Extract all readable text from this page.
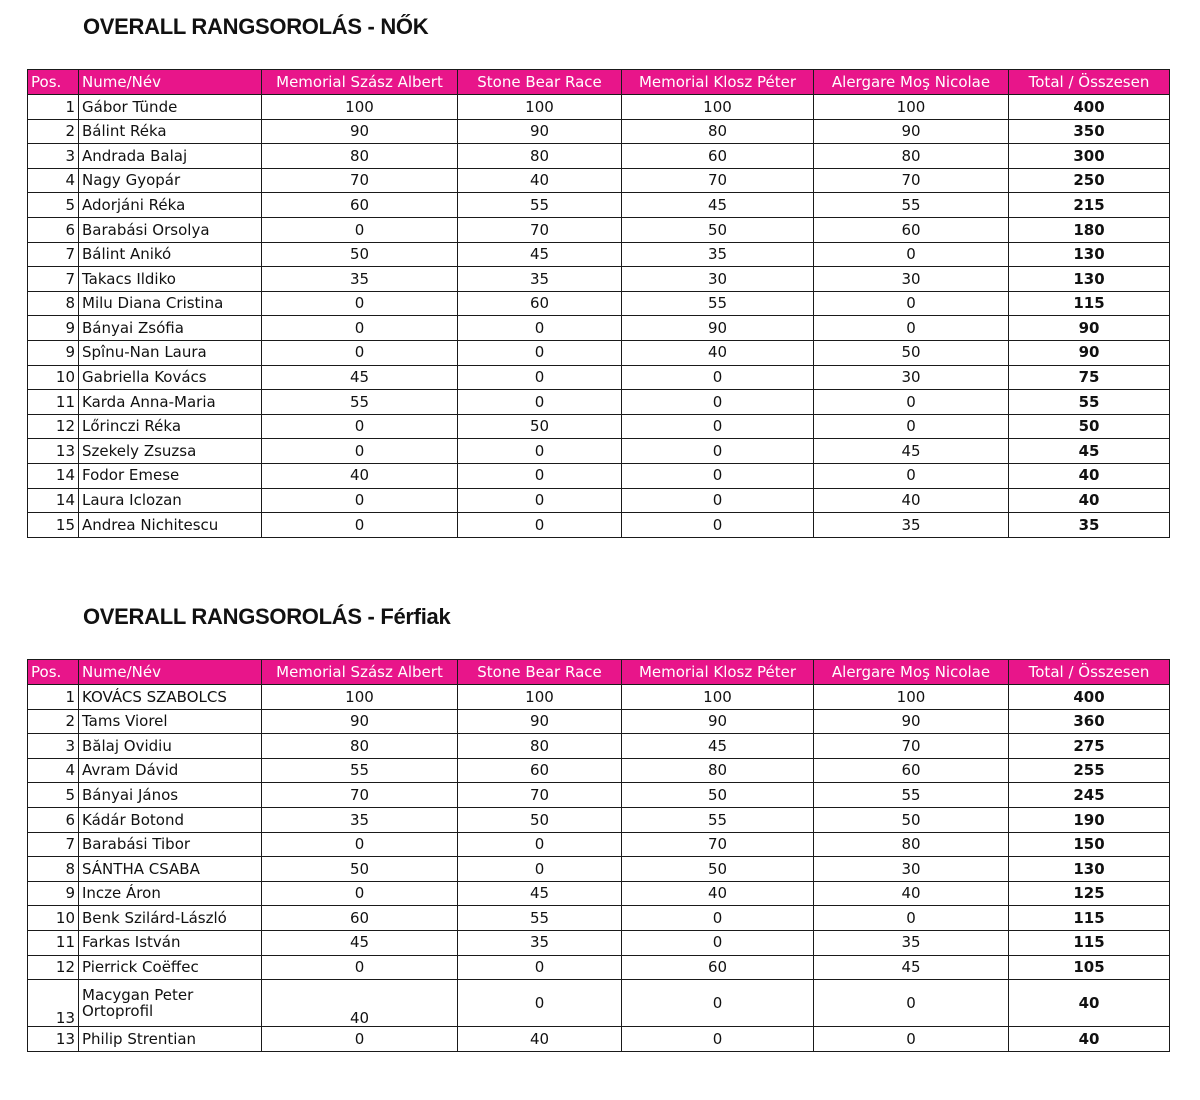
OVERALL RANGSOROLÁS - NŐK
Pos.	Nume/Név	Memorial Szász Albert	Stone Bear Race	Memorial Klosz Péter	Alergare Moş Nicolae	Total / Összesen
1	Gábor Tünde	100	100	100	100	400
2	Bálint Réka	90	90	80	90	350
3	Andrada Balaj	80	80	60	80	300
4	Nagy Gyopár	70	40	70	70	250
5	Adorjáni Réka	60	55	45	55	215
6	Barabási Orsolya	0	70	50	60	180
7	Bálint Anikó	50	45	35	0	130
7	Takacs Ildiko	35	35	30	30	130
8	Milu Diana Cristina	0	60	55	0	115
9	Bányai Zsófia	0	0	90	0	90
9	Spînu-Nan Laura	0	0	40	50	90
10	Gabriella Kovács	45	0	0	30	75
11	Karda Anna-Maria	55	0	0	0	55
12	Lőrinczi Réka	0	50	0	0	50
13	Szekely Zsuzsa	0	0	0	45	45
14	Fodor Emese	40	0	0	0	40
14	Laura Iclozan	0	0	0	40	40
15	Andrea Nichitescu	0	0	0	35	35
OVERALL RANGSOROLÁS - Férfiak
Pos.	Nume/Név	Memorial Szász Albert	Stone Bear Race	Memorial Klosz Péter	Alergare Moş Nicolae	Total / Összesen
1	KOVÁCS SZABOLCS	100	100	100	100	400
2	Tams Viorel	90	90	90	90	360
3	Bălaj Ovidiu	80	80	45	70	275
4	Avram Dávid	55	60	80	60	255
5	Bányai János	70	70	50	55	245
6	Kádár Botond	35	50	55	50	190
7	Barabási Tibor	0	0	70	80	150
8	SÁNTHA CSABA	50	0	50	30	130
9	Incze Áron	0	45	40	40	125
10	Benk Szilárd-László	60	55	0	0	115
11	Farkas István	45	35	0	35	115
12	Pierrick Coëffec	0	0	60	45	105
13	Macygan Peter Ortoprofil	40	0	0	0	40
13	Philip Strentian	0	40	0	0	40
